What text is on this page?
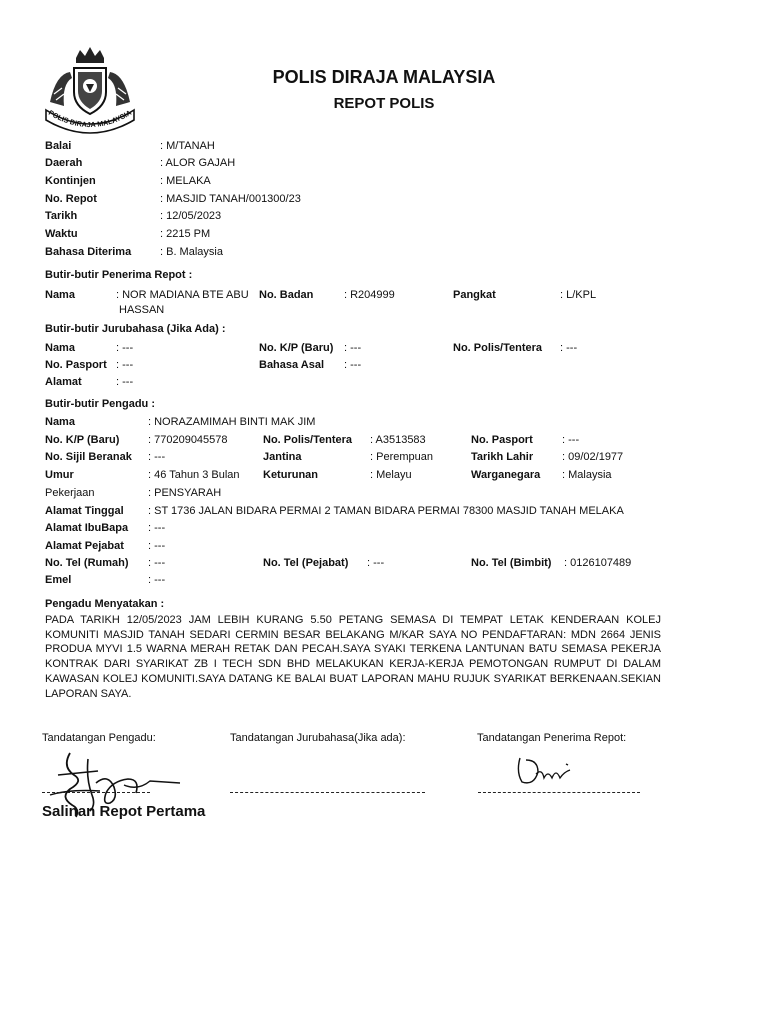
POLIS DIRAJA MALAYSIA
POLIS DIRAJA MALAYSIA
REPOT POLIS
Balai	: M/TANAH
Daerah	: ALOR GAJAH
Kontinjen	: MELAKA
No. Repot	: MASJID TANAH/001300/23
Tarikh	: 12/05/2023
Waktu	: 2215 PM
Bahasa Diterima	: B. Malaysia
Butir-butir Penerima Repot :
Nama	: NOR MADIANA BTE ABU
HASSAN
No. Badan	: R204999	Pangkat	: L/KPL
Butir-butir Jurubahasa (Jika Ada) :
Nama	: ---	No. K/P (Baru) : ---	No. Polis/Tentera : ---
No. Pasport : ---	Bahasa Asal : ---
Alamat	: ---
Butir-butir Pengadu :
Nama	: NORAZAMIMAH BINTI MAK JIM
No. K/P (Baru)	: 770209045578	No. Polis/Tentera : A3513583	No. Pasport	: ---
No. Sijil Beranak : ---	Jantina	: Perempuan	Tarikh Lahir	: 09/02/1977
Umur	: 46 Tahun 3 Bulan Keturunan	: Melayu	Warganegara : Malaysia
Pekerjaan	: PENSYARAH
Alamat Tinggal : ST 1736 JALAN BIDARA PERMAI 2 TAMAN BIDARA PERMAI 78300 MASJID TANAH MELAKA
Alamat IbuBapa : ---
Alamat Pejabat : ---
No. Tel (Rumah) : ---	No. Tel (Pejabat) : ---	No. Tel (Bimbit) : 0126107489
Emel	: ---
Pengadu Menyatakan :
PADA TARIKH 12/05/2023 JAM LEBIH KURANG 5.50 PETANG SEMASA DI TEMPAT LETAK KENDERAAN KOLEJ KOMUNITI MASJID TANAH SEDARI CERMIN BESAR BELAKANG M/KAR SAYA NO PENDAFTARAN: MDN 2664 JENIS PRODUA MYVI 1.5 WARNA MERAH RETAK DAN PECAH.SAYA SYAKI TERKENA LANTUNAN BATU SEMASA PEKERJA KONTRAK DARI SYARIKAT ZB I TECH SDN BHD MELAKUKAN KERJA-KERJA PEMOTONGAN RUMPUT DI DALAM KAWASAN KOLEJ KOMUNITI.SAYA DATANG KE BALAI BUAT LAPORAN MAHU RUJUK SYARIKAT BERKENAAN.SEKIAN LAPORAN SAYA.
Tandatangan Pengadu:	Tandatangan Jurubahasa(Jika ada):	Tandatangan Penerima Repot:
Salinan Repot Pertama
